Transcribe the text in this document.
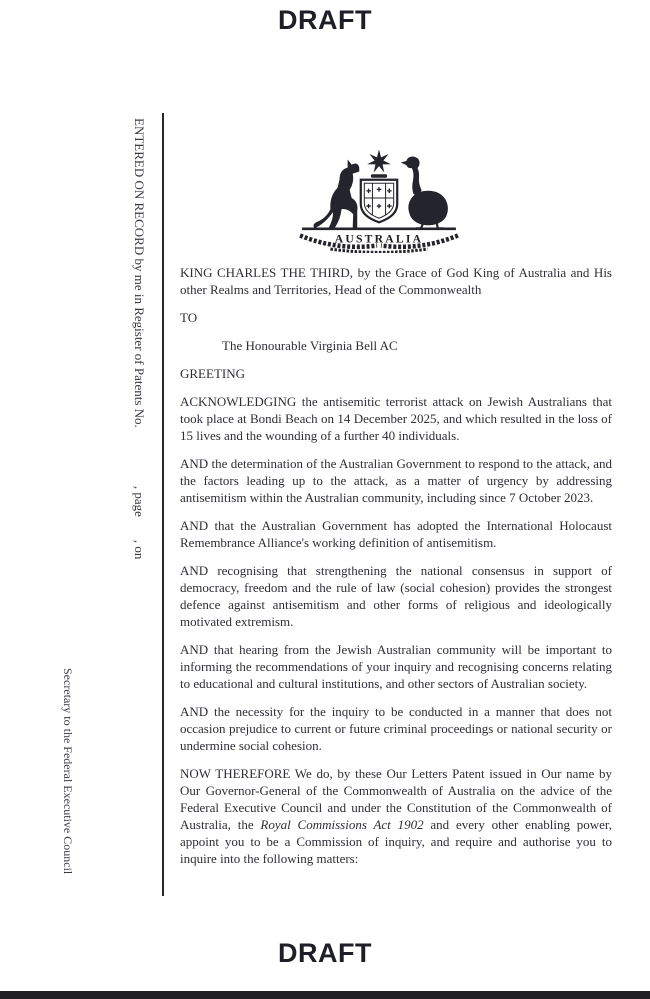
DRAFT
ENTERED ON RECORD by me in Register of Patents No., page, on
Secretary to the Federal Executive Council
AUSTRALIA

KING CHARLES THE THIRD, by the Grace of God King of Australia and His other Realms and Territories, Head of the Commonwealth

TO

The Honourable Virginia Bell AC

GREETING

ACKNOWLEDGING the antisemitic terrorist attack on Jewish Australians that took place at Bondi Beach on 14 December 2025, and which resulted in the loss of 15 lives and the wounding of a further 40 individuals.

AND the determination of the Australian Government to respond to the attack, and the factors leading up to the attack, as a matter of urgency by addressing antisemitism within the Australian community, including since 7 October 2023.

AND that the Australian Government has adopted the International Holocaust Remembrance Alliance's working definition of antisemitism.

AND recognising that strengthening the national consensus in support of democracy, freedom and the rule of law (social cohesion) provides the strongest defence against antisemitism and other forms of religious and ideologically motivated extremism.

AND that hearing from the Jewish Australian community will be important to informing the recommendations of your inquiry and recognising concerns relating to educational and cultural institutions, and other sectors of Australian society.

AND the necessity for the inquiry to be conducted in a manner that does not occasion prejudice to current or future criminal proceedings or national security or undermine social cohesion.

NOW THEREFORE We do, by these Our Letters Patent issued in Our name by Our Governor-General of the Commonwealth of Australia on the advice of the Federal Executive Council and under the Constitution of the Commonwealth of Australia, the Royal Commissions Act 1902 and every other enabling power, appoint you to be a Commission of inquiry, and require and authorise you to inquire into the following matters:

DRAFT
